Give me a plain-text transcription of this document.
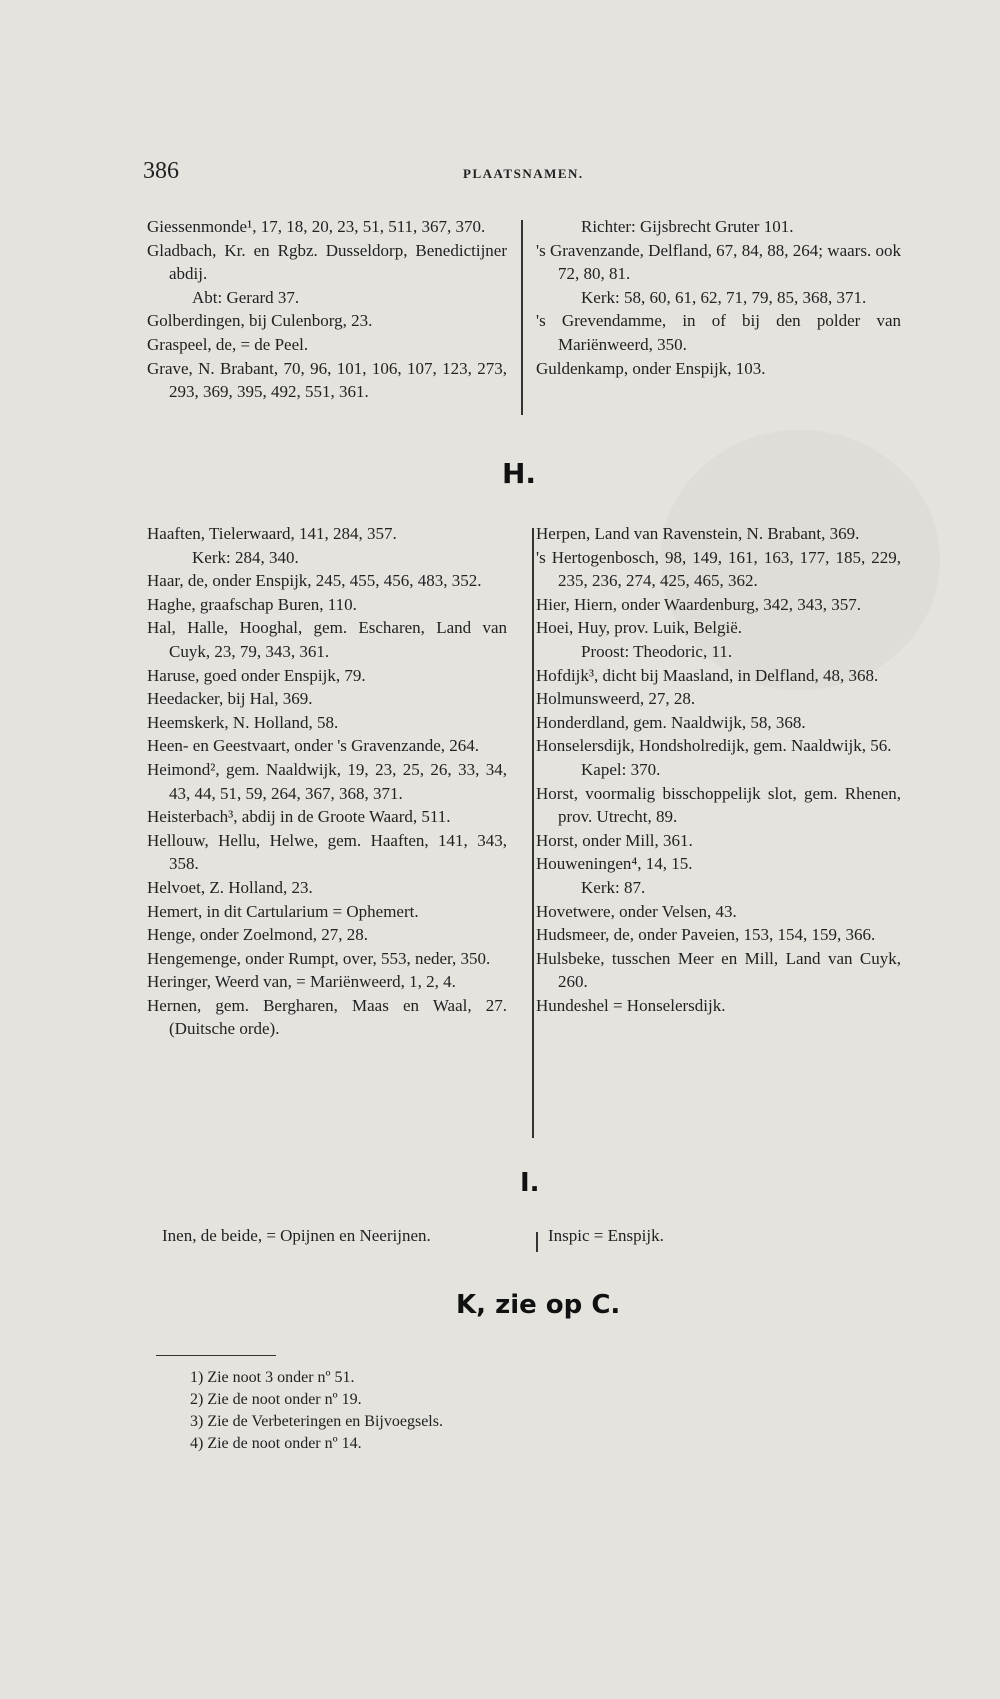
386	PLAATSNAMEN.
Giessenmonde¹, 17, 18, 20, 23, 51, 511, 367, 370.
Gladbach, Kr. en Rgbz. Dusseldorp, Benedictijner abdij.
Abt: Gerard 37.
Golberdingen, bij Culenborg, 23.
Graspeel, de, = de Peel.
Grave, N. Brabant, 70, 96, 101, 106, 107, 123, 273, 293, 369, 395, 492, 551, 361.
Richter: Gijsbrecht Gruter 101.
's Gravenzande, Delfland, 67, 84, 88, 264; waars. ook 72, 80, 81.
Kerk: 58, 60, 61, 62, 71, 79, 85, 368, 371.
's Grevendamme, in of bij den polder van Mariënweerd, 350.
Guldenkamp, onder Enspijk, 103.
H.
Haaften, Tielerwaard, 141, 284, 357.
Kerk: 284, 340.
Haar, de, onder Enspijk, 245, 455, 456, 483, 352.
Haghe, graafschap Buren, 110.
Hal, Halle, Hooghal, gem. Escharen, Land van Cuyk, 23, 79, 343, 361.
Haruse, goed onder Enspijk, 79.
Heedacker, bij Hal, 369.
Heemskerk, N. Holland, 58.
Heen- en Geestvaart, onder 's Gravenzande, 264.
Heimond², gem. Naaldwijk, 19, 23, 25, 26, 33, 34, 43, 44, 51, 59, 264, 367, 368, 371.
Heisterbach³, abdij in de Groote Waard, 511.
Hellouw, Hellu, Helwe, gem. Haaften, 141, 343, 358.
Helvoet, Z. Holland, 23.
Hemert, in dit Cartularium = Ophemert.
Henge, onder Zoelmond, 27, 28.
Hengemenge, onder Rumpt, over, 553, neder, 350.
Heringer, Weerd van, = Mariënweerd, 1, 2, 4.
Hernen, gem. Bergharen, Maas en Waal, 27. (Duitsche orde).
Herpen, Land van Ravenstein, N. Brabant, 369.
's Hertogenbosch, 98, 149, 161, 163, 177, 185, 229, 235, 236, 274, 425, 465, 362.
Hier, Hiern, onder Waardenburg, 342, 343, 357.
Hoei, Huy, prov. Luik, België.
Proost: Theodoric, 11.
Hofdijk³, dicht bij Maasland, in Delfland, 48, 368.
Holmunsweerd, 27, 28.
Honderdland, gem. Naaldwijk, 58, 368.
Honselersdijk, Hondsholredijk, gem. Naaldwijk, 56.
Kapel: 370.
Horst, voormalig bisschoppelijk slot, gem. Rhenen, prov. Utrecht, 89.
Horst, onder Mill, 361.
Houweningen⁴, 14, 15.
Kerk: 87.
Hovetwere, onder Velsen, 43.
Hudsmeer, de, onder Paveien, 153, 154, 159, 366.
Hulsbeke, tusschen Meer en Mill, Land van Cuyk, 260.
Hundeshel = Honselersdijk.
I.
Inen, de beide, = Opijnen en Neerijnen.	Inspic = Enspijk.
K, zie op C.
1) Zie noot 3 onder nº 51.
2) Zie de noot onder nº 19.
3) Zie de Verbeteringen en Bijvoegsels.
4) Zie de noot onder nº 14.
